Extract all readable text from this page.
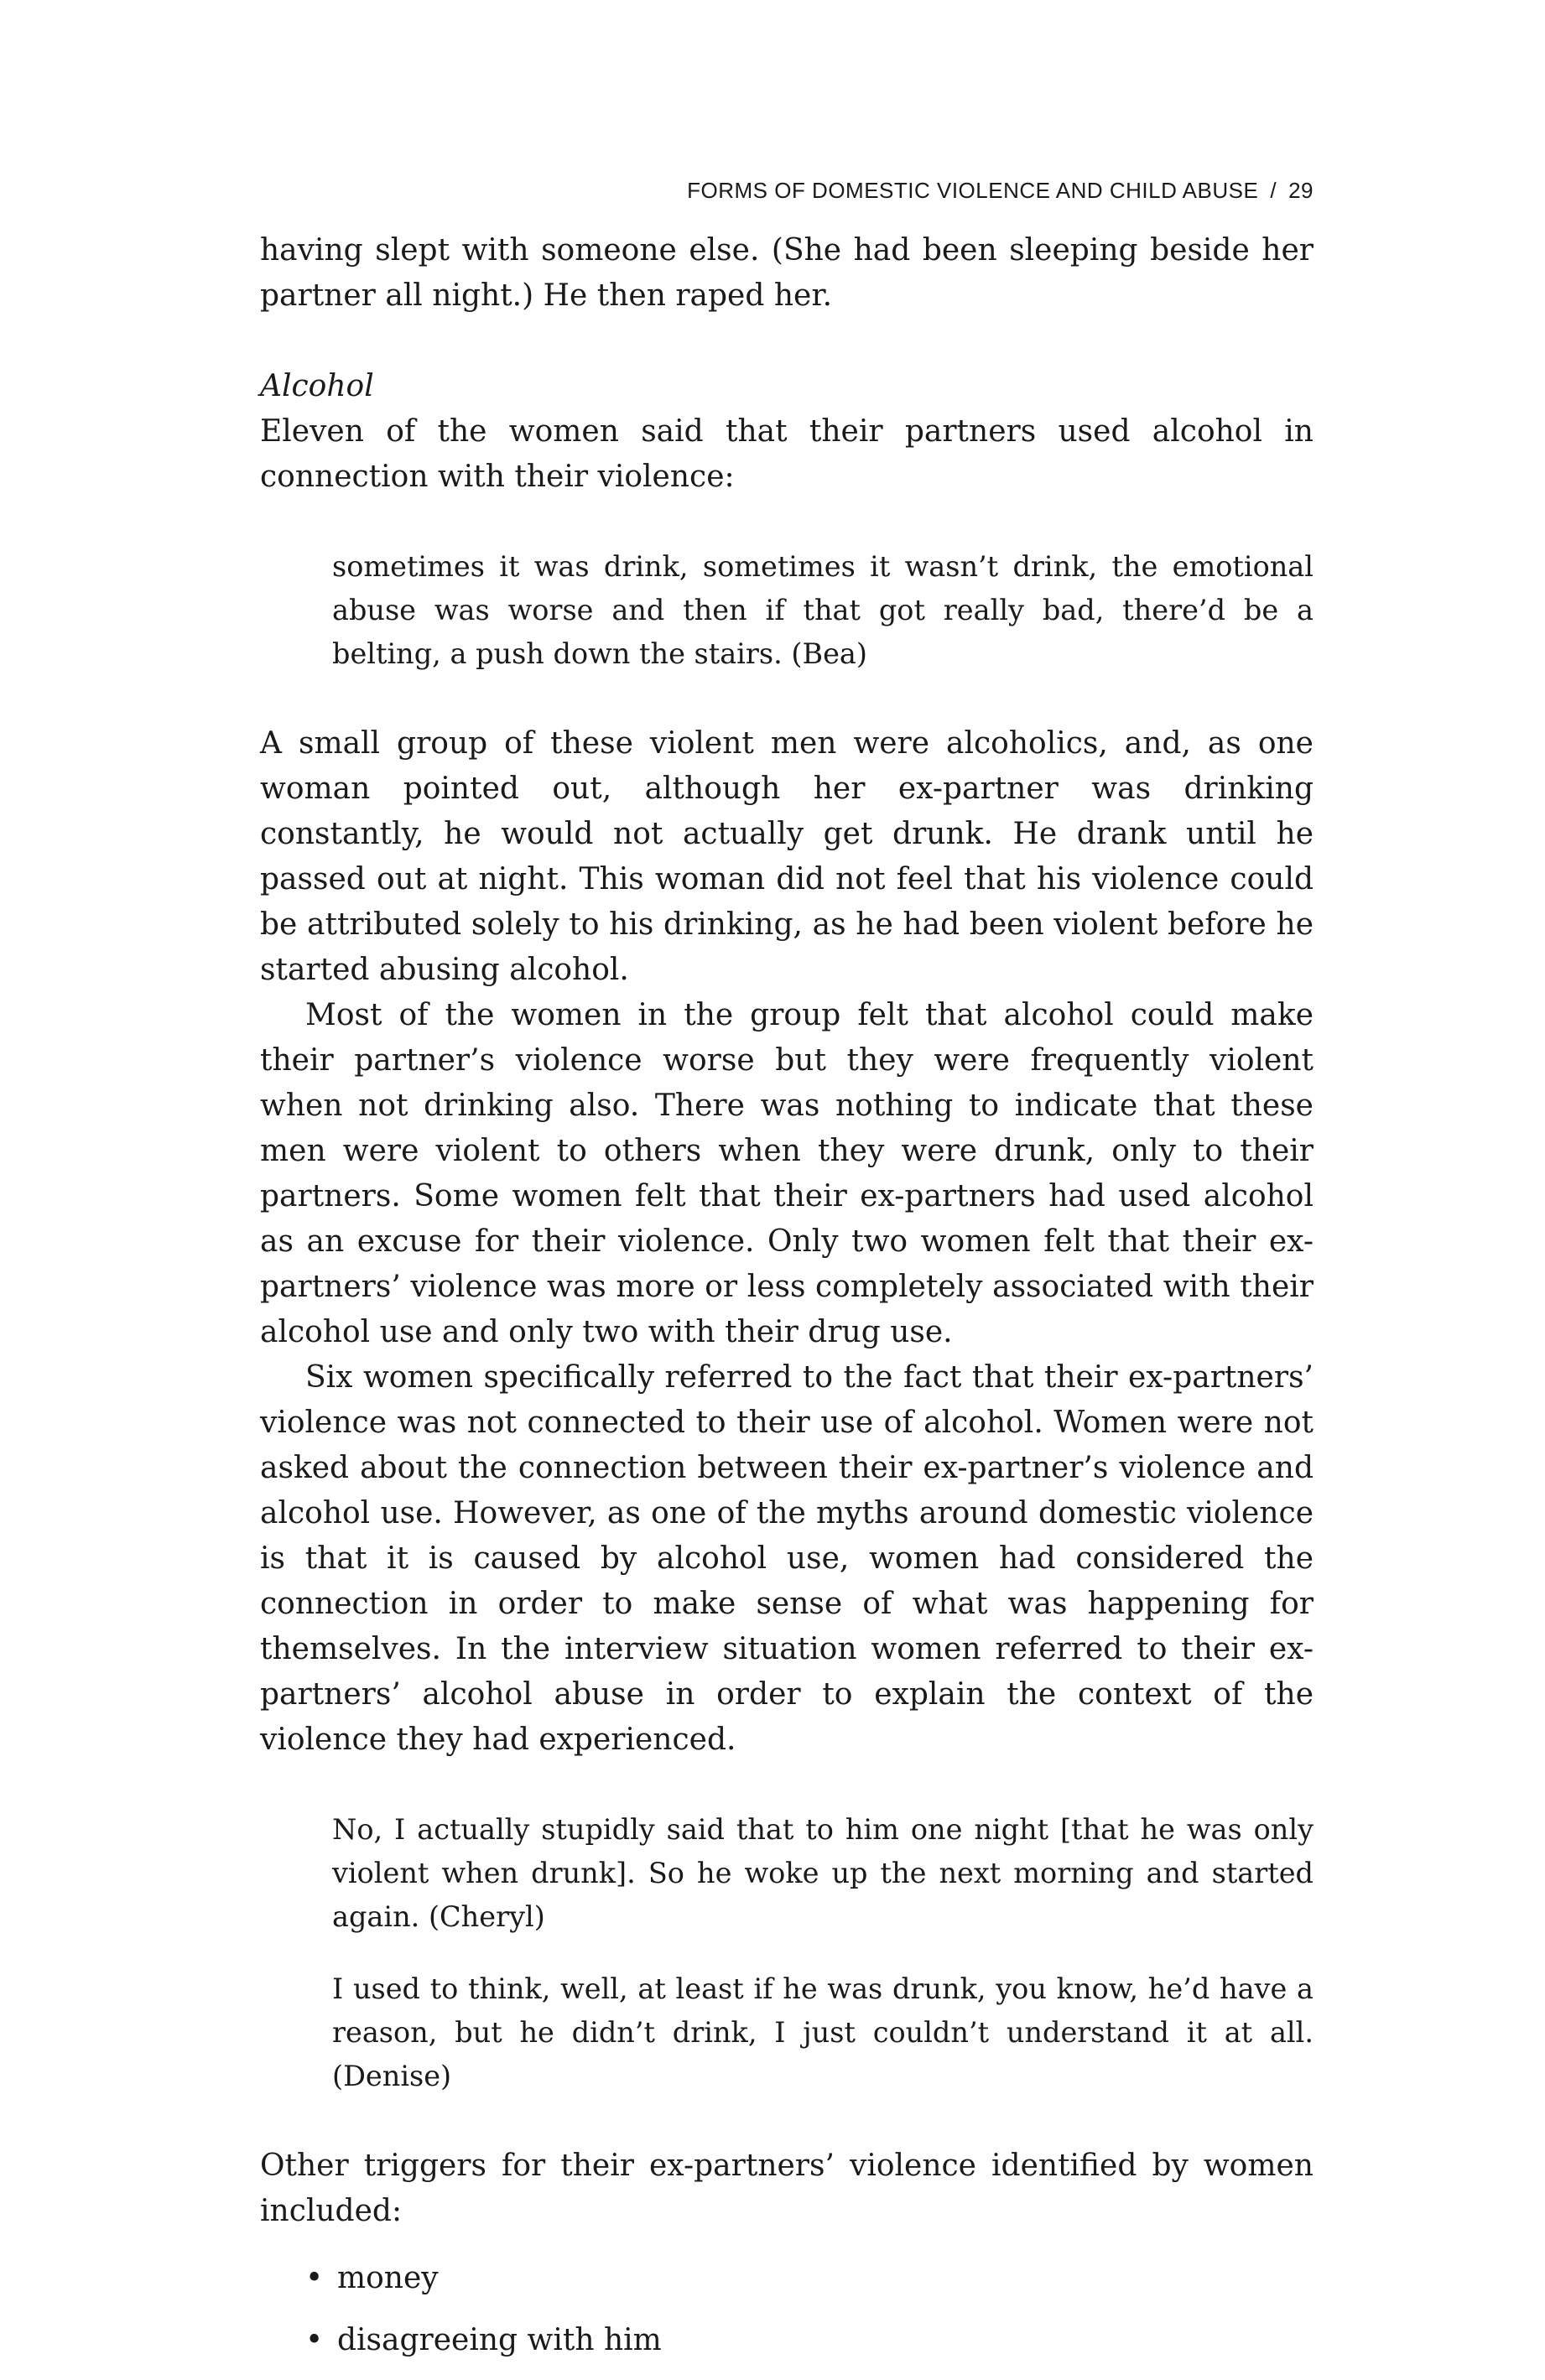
FORMS OF DOMESTIC VIOLENCE AND CHILD ABUSE / 29

having slept with someone else. (She had been sleeping beside her partner all night.) He then raped her.

Alcohol

Eleven of the women said that their partners used alcohol in connection with their violence:

sometimes it was drink, sometimes it wasn’t drink, the emotional abuse was worse and then if that got really bad, there’d be a belting, a push down the stairs. (Bea)

A small group of these violent men were alcoholics, and, as one woman pointed out, although her ex-partner was drinking constantly, he would not actually get drunk. He drank until he passed out at night. This woman did not feel that his violence could be attributed solely to his drinking, as he had been violent before he started abusing alcohol.

Most of the women in the group felt that alcohol could make their partner’s violence worse but they were frequently violent when not drinking also. There was nothing to indicate that these men were violent to others when they were drunk, only to their partners. Some women felt that their ex-partners had used alcohol as an excuse for their violence. Only two women felt that their ex-partners’ violence was more or less completely associated with their alcohol use and only two with their drug use.

Six women specifically referred to the fact that their ex-partners’ violence was not connected to their use of alcohol. Women were not asked about the connection between their ex-partner’s violence and alcohol use. However, as one of the myths around domestic violence is that it is caused by alcohol use, women had considered the connection in order to make sense of what was happening for themselves. In the interview situation women referred to their ex-partners’ alcohol abuse in order to explain the context of the violence they had experienced.

No, I actually stupidly said that to him one night [that he was only violent when drunk]. So he woke up the next morning and started again. (Cheryl)

I used to think, well, at least if he was drunk, you know, he’d have a reason, but he didn’t drink, I just couldn’t understand it at all. (Denise)

Other triggers for their ex-partners’ violence identified by women included:

• money
• disagreeing with him
